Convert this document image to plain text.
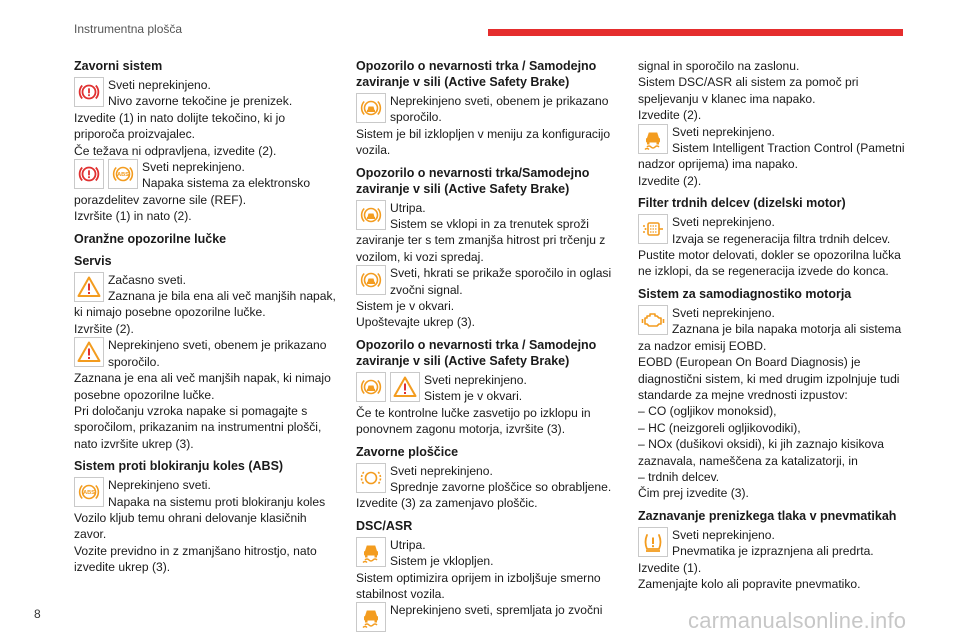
Instrumentna plošča
Zavorni sistem
Sveti neprekinjeno.
Nivo zavorne tekočine je prenizek.
Izvedite (1) in nato dolijte tekočino, ki jo priporoča proizvajalec.
Če težava ni odpravljena, izvedite (2).
ABS
Sveti neprekinjeno.
Napaka sistema za elektronsko porazdelitev zavorne sile (REF).
Izvršite (1) in nato (2).
Oranžne opozorilne lučke
Servis
Začasno sveti.
Zaznana je bila ena ali več manjših napak, ki nimajo posebne opozorilne lučke.
Izvršite (2).
Neprekinjeno sveti, obenem je prikazano sporočilo.
Zaznana je ena ali več manjših napak, ki nimajo posebne opozorilne lučke.
Pri določanju vzroka napake si pomagajte s sporočilom, prikazanim na instrumentni plošči, nato izvršite ukrep (3).
Sistem proti blokiranju koles (ABS)
ABS
Neprekinjeno sveti.
Napaka na sistemu proti blokiranju koles
Vozilo kljub temu ohrani delovanje klasičnih zavor.
Vozite previdno in z zmanjšano hitrostjo, nato izvedite ukrep (3).
Opozorilo o nevarnosti trka / Samodejno zaviranje v sili (Active Safety Brake)
Neprekinjeno sveti, obenem je prikazano sporočilo.
Sistem je bil izklopljen v meniju za konfiguracijo vozila.
Opozorilo o nevarnosti trka/Samodejno zaviranje v sili (Active Safety Brake)
Utripa.
Sistem se vklopi in za trenutek sproži zaviranje ter s tem zmanjša hitrost pri trčenju z vozilom, ki vozi spredaj.
Sveti, hkrati se prikaže sporočilo in oglasi zvočni signal.
Sistem je v okvari.
Upoštevajte ukrep (3).
Opozorilo o nevarnosti trka / Samodejno zaviranje v sili (Active Safety Brake)
Sveti neprekinjeno.
Sistem je v okvari.
Če te kontrolne lučke zasvetijo po izklopu in ponovnem zagonu motorja, izvršite (3).
Zavorne ploščice
Sveti neprekinjeno.
Sprednje zavorne ploščice so obrabljene.
Izvedite (3) za zamenjavo ploščic.
DSC/ASR
Utripa.
Sistem je vklopljen.
Sistem optimizira oprijem in izboljšuje smerno stabilnost vozila.
Neprekinjeno sveti, spremljata jo zvočni
signal in sporočilo na zaslonu.
Sistem DSC/ASR ali sistem za pomoč pri speljevanju v klanec ima napako.
Izvedite (2).
Sveti neprekinjeno.
Sistem Intelligent Traction Control (Pametni nadzor oprijema) ima napako.
Izvedite (2).
Filter trdnih delcev (dizelski motor)
Sveti neprekinjeno.
Izvaja se regeneracija filtra trdnih delcev.
Pustite motor delovati, dokler se opozorilna lučka ne izklopi, da se regeneracija izvede do konca.
Sistem za samodiagnostiko motorja
Sveti neprekinjeno.
Zaznana je bila napaka motorja ali sistema za nadzor emisij EOBD.
EOBD (European On Board Diagnosis) je diagnostični sistem, ki med drugim izpolnjuje tudi standarde za mejne vrednosti izpustov:
– CO (ogljikov monoksid),
– HC (neizgoreli ogljikovodiki),
– NOx (dušikovi oksidi), ki jih zaznajo kisikova zaznavala, nameščena za katalizatorji, in
– trdnih delcev.
Čim prej izvedite (3).
Zaznavanje prenizkega tlaka v pnevmatikah
Sveti neprekinjeno.
Pnevmatika je izpraznjena ali predrta.
Izvedite (1).
Zamenjajte kolo ali popravite pnevmatiko.
8	carmanualsonline.info
